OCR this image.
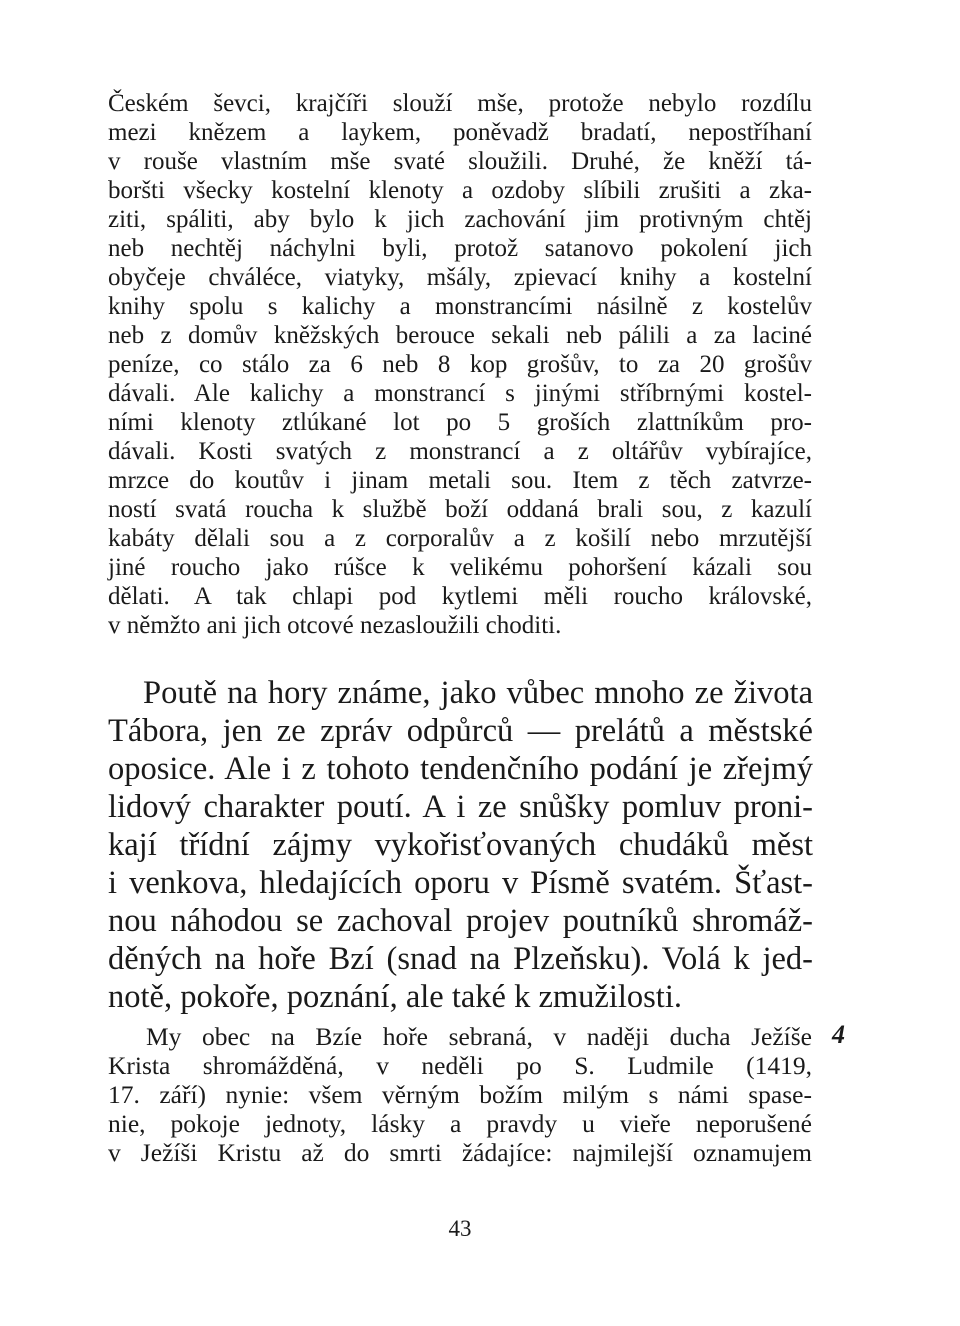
Českém ševci, krajčíři slouží mše, protože nebylo rozdílu
mezi knězem a laykem, poněvadž bradatí, nepostříhaní
v rouše vlastním mše svaté sloužili. Druhé, že kněží tá-
boršti všecky kostelní klenoty a ozdoby slíbili zrušiti a zka-
ziti, spáliti, aby bylo k jich zachování jim protivným chtěj
neb nechtěj náchylni byli, protož satanovo pokolení jich
obyčeje chválécе, viatyky, mšály, zpievací knihy a kostelní
knihy spolu s kalichy a monstrancími násilně z kostelův
neb z domův kněžských berouce sekali neb pálili a za laciné
peníze, co stálo za 6 neb 8 kop grošův, to za 20 grošův
dávali. Ale kalichy a monstrancí s jinými stříbrnými kostel-
ními klenoty ztlúkané lot po 5 groších zlattníkům pro-
dávali. Kosti svatých z monstrancí a z oltářův vybírajíce,
mrzce do koutův i jinam metali sou. Item z těch zatvrze-
ností svatá roucha k službě boží oddaná brali sou, z kazulí
kabáty dělali sou a z corporalův a z košilí nebo mrzutější
jiné roucho jako rúšce k velikému pohoršení kázali sou
dělati. A tak chlapi pod kytlemi měli roucho královské,
v němžto ani jich otcové nezasloužili choditi.
Poutě na hory známe, jako vůbec mnoho ze života
Tábora, jen ze zpráv odpůrců — prelátů a městské
oposice. Ale i z tohoto tendenčního podání je zřejmý
lidový charakter poutí. A i ze snůšky pomluv proni-
kají třídní zájmy vykořisťovaných chudáků měst
i venkova, hledajících oporu v Písmě svatém. Šťast-
nou náhodou se zachoval projev poutníků shromáž-
děných na hoře Bzí (snad na Plzeňsku). Volá k jed-
notě, pokoře, poznání, ale také k zmužilosti.
My obec na Bzíe hoře sebraná, v naději ducha Ježíše
Krista shromážděná, v neděli po S. Ludmile (1419,
17. září) nynie: všem věrným božím milým s námi spase-
nie, pokoje jednoty, lásky a pravdy u vieře neporušené
v Ježíši Kristu až do smrti žádajíce: najmilejší oznamujem
4
43
